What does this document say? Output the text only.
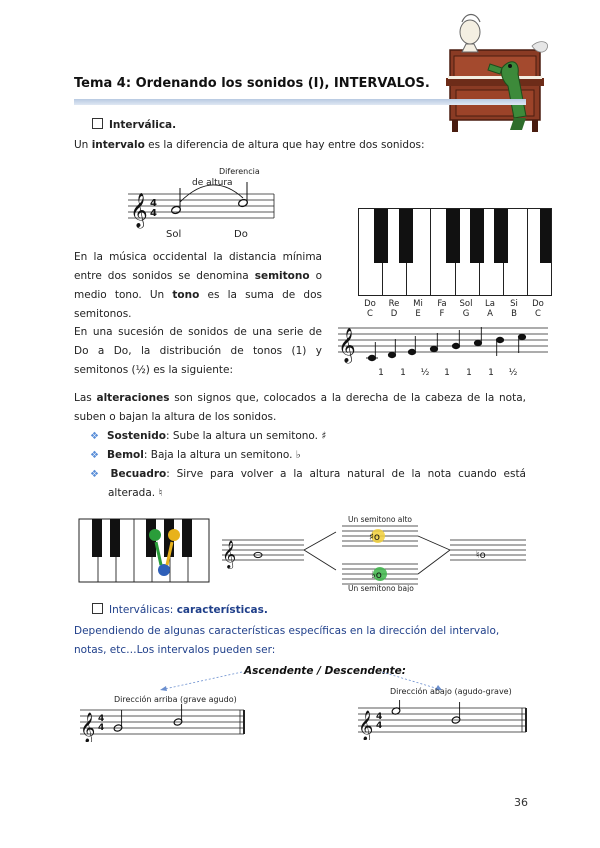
Tema 4: Ordenando los sonidos (I), INTERVALOS.
Interválica.
Un intervalo es la diferencia de altura que hay entre dos sonidos:
𝄞 4
4
Diferencia
de altura
Sol	Do
En la música occidental la distancia mínima entre dos sonidos se denomina semitono o medio tono. Un tono es la suma de dos semitonos.
En una sucesión de sonidos de una serie de Do a Do, la distribución de tonos (1) y semitonos (½) es la siguiente:
Do
C
Re
D
Mi
E
Fa
F
Sol
G
La
A
Si
B
Do
C
𝄞
1 1 ½ 1 1 1 ½
Las alteraciones son signos que, colocados a la derecha de la cabeza de la nota, suben o bajan la altura de los sonidos.
❖ Sostenido: Sube la altura un semitono. ♯
❖ Bemol: Baja la altura un semitono. ♭
❖ Becuadro: Sirve para volver a la altura natural de la nota cuando está alterada. ♮
𝄞
♯o
♭o
Un semitono alto
Un semitono bajo
♮o
Interválicas: características.
Dependiendo de algunas características específicas en la dirección del intervalo,
notas, etc…Los intervalos pueden ser:
Ascendente / Descendente:
Dirección arriba (grave agudo)
Dirección abajo (agudo-grave)
𝄞 4
4	𝄞 4
4
36
